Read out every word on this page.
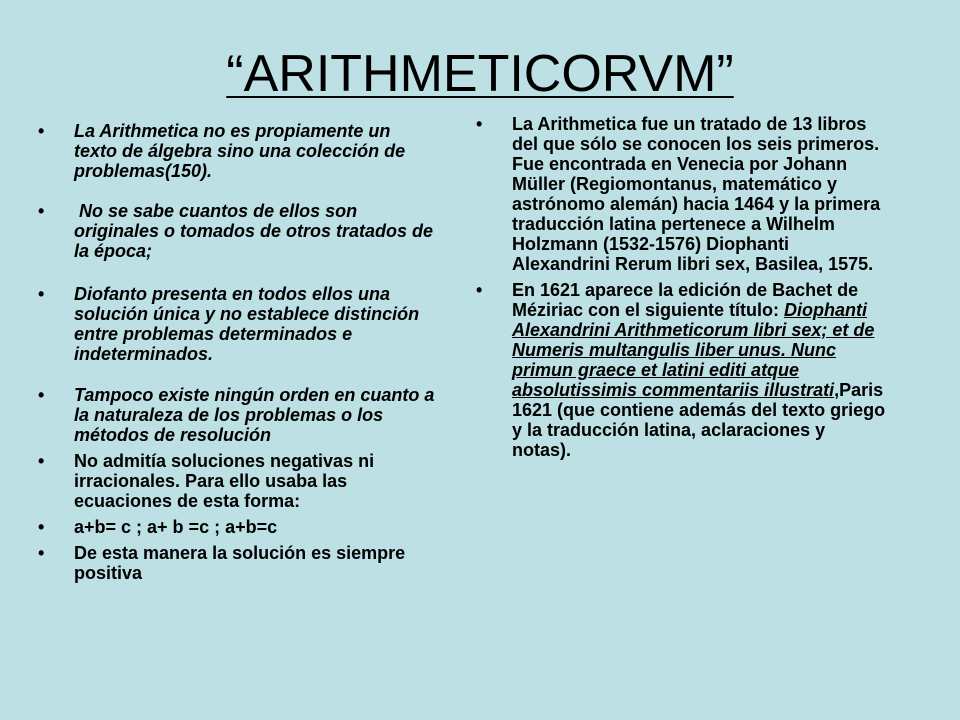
“ARITHMETICORVM”
•	La Arithmetica no es propiamente un texto de álgebra sino una colección de problemas(150).
•	No se sabe cuantos de ellos son originales o tomados de otros tratados de la época;
•	Diofanto presenta en todos ellos una solución única y no establece distinción entre problemas determinados e indeterminados.
•	Tampoco existe ningún orden en cuanto a la naturaleza de los problemas o los métodos de resolución
•	No admitía soluciones negativas ni irracionales. Para ello usaba las ecuaciones de esta forma:
•	a+b= c ; a+ b =c ; a+b=c
•	De esta manera la solución es siempre positiva
•	La Arithmetica fue un tratado de 13 libros del que sólo se conocen los seis primeros. Fue encontrada en Venecia por Johann Müller (Regiomontanus, matemático y astrónomo alemán) hacia 1464 y la primera traducción latina pertenece a Wilhelm Holzmann (1532-1576) Diophanti Alexandrini Rerum libri sex, Basilea, 1575.
•	En 1621 aparece la edición de Bachet de Méziriac con el siguiente título: Diophanti Alexandrini Arithmeticorum libri sex; et de Numeris multangulis liber unus. Nunc primun graece et latini editi atque absolutissimis commentariis illustrati,Paris 1621 (que contiene además del texto griego y la traducción latina, aclaraciones y notas).
